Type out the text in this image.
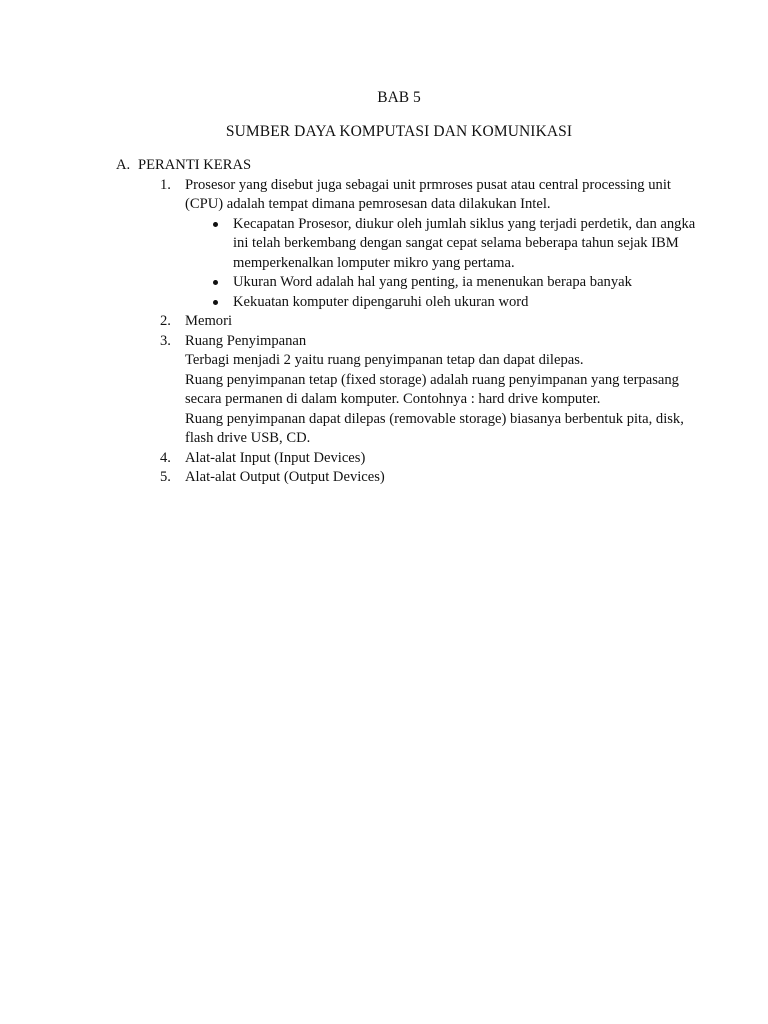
BAB 5
SUMBER DAYA KOMPUTASI DAN KOMUNIKASI
A. PERANTI KERAS
1. Prosesor yang disebut juga sebagai unit prmroses pusat atau central processing unit (CPU) adalah tempat dimana pemrosesan data dilakukan Intel.
Kecapatan Prosesor, diukur oleh jumlah siklus yang terjadi perdetik, dan angka ini telah berkembang dengan sangat cepat selama beberapa tahun sejak IBM memperkenalkan lomputer mikro yang pertama.
Ukuran Word adalah hal yang penting, ia menenukan berapa banyak
Kekuatan komputer dipengaruhi oleh ukuran word
2. Memori
3. Ruang Penyimpanan
Terbagi menjadi 2 yaitu ruang penyimpanan tetap dan dapat dilepas.
Ruang penyimpanan tetap (fixed storage) adalah ruang penyimpanan yang terpasang secara permanen di dalam komputer. Contohnya : hard drive komputer.
Ruang penyimpanan dapat dilepas (removable storage) biasanya berbentuk pita, disk, flash drive USB, CD.
4. Alat-alat Input (Input Devices)
5. Alat-alat Output (Output Devices)
